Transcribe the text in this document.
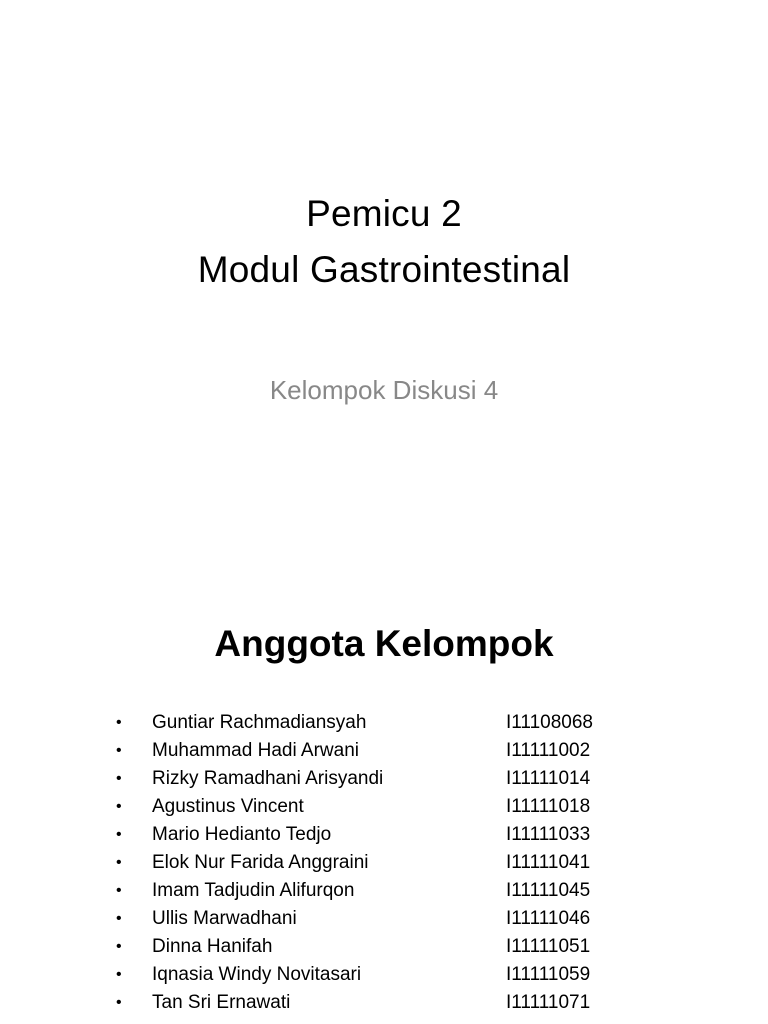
Pemicu 2
Modul Gastrointestinal
Kelompok Diskusi 4
Anggota Kelompok
•	Guntiar Rachmadiansyah	I11108068
•	Muhammad Hadi Arwani	I11111002
•	Rizky Ramadhani Arisyandi	I11111014
•	Agustinus Vincent	I11111018
•	Mario Hedianto Tedjo	I11111033
•	Elok Nur Farida Anggraini	I11111041
•	Imam Tadjudin Alifurqon	I11111045
•	Ullis Marwadhani	I11111046
•	Dinna Hanifah	I11111051
•	Iqnasia Windy Novitasari	I11111059
•	Tan Sri Ernawati	I11111071
